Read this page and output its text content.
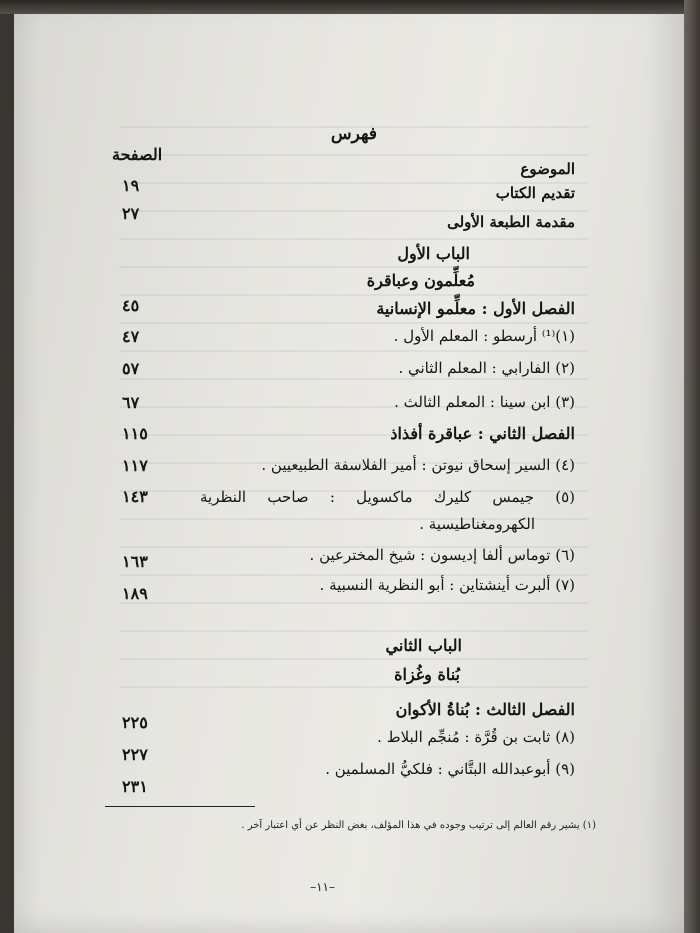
فهرس
الصفحة
الموضوع
تقديم الكتاب
١٩
مقدمة الطبعة الأولى
٢٧
الباب الأول
مُعلِّمون وعباقرة
الفصل الأول : معلِّمو الإنسانية
٤٥
(١)⁽¹⁾ أرسطو : المعلم الأول .
٤٧
(٢) الفارابي : المعلم الثاني .
٥٧
(٣) ابن سينا : المعلم الثالث .
٦٧
الفصل الثاني : عباقرة أفذاذ
١١٥
(٤) السير إسحاق نيوتن : أمير الفلاسفة الطبيعيين .
١١٧
(٥) جيمس كليرك ماكسويل : صاحب النظرية
١٤٣
الكهرومغناطيسية .
(٦) توماس ألفا إديسون : شيخ المخترعين .
١٦٣
(٧) ألبرت أينشتاين : أبو النظرية النسبية .
١٨٩
الباب الثاني
بُناة وغُزاة
الفصل الثالث : بُناةُ الأكوان
٢٢٥
(٨) ثابت بن قُرَّة : مُنجِّم البلاط .
٢٢٧
(٩) أبوعبدالله البتَّاني : فلكيُّ المسلمين .
٢٣١
(١) يشير رقم العالم إلى ترتيب وجوده في هذا المؤلف، بغض النظر عن أي اعتبار آخر .
–١١–
